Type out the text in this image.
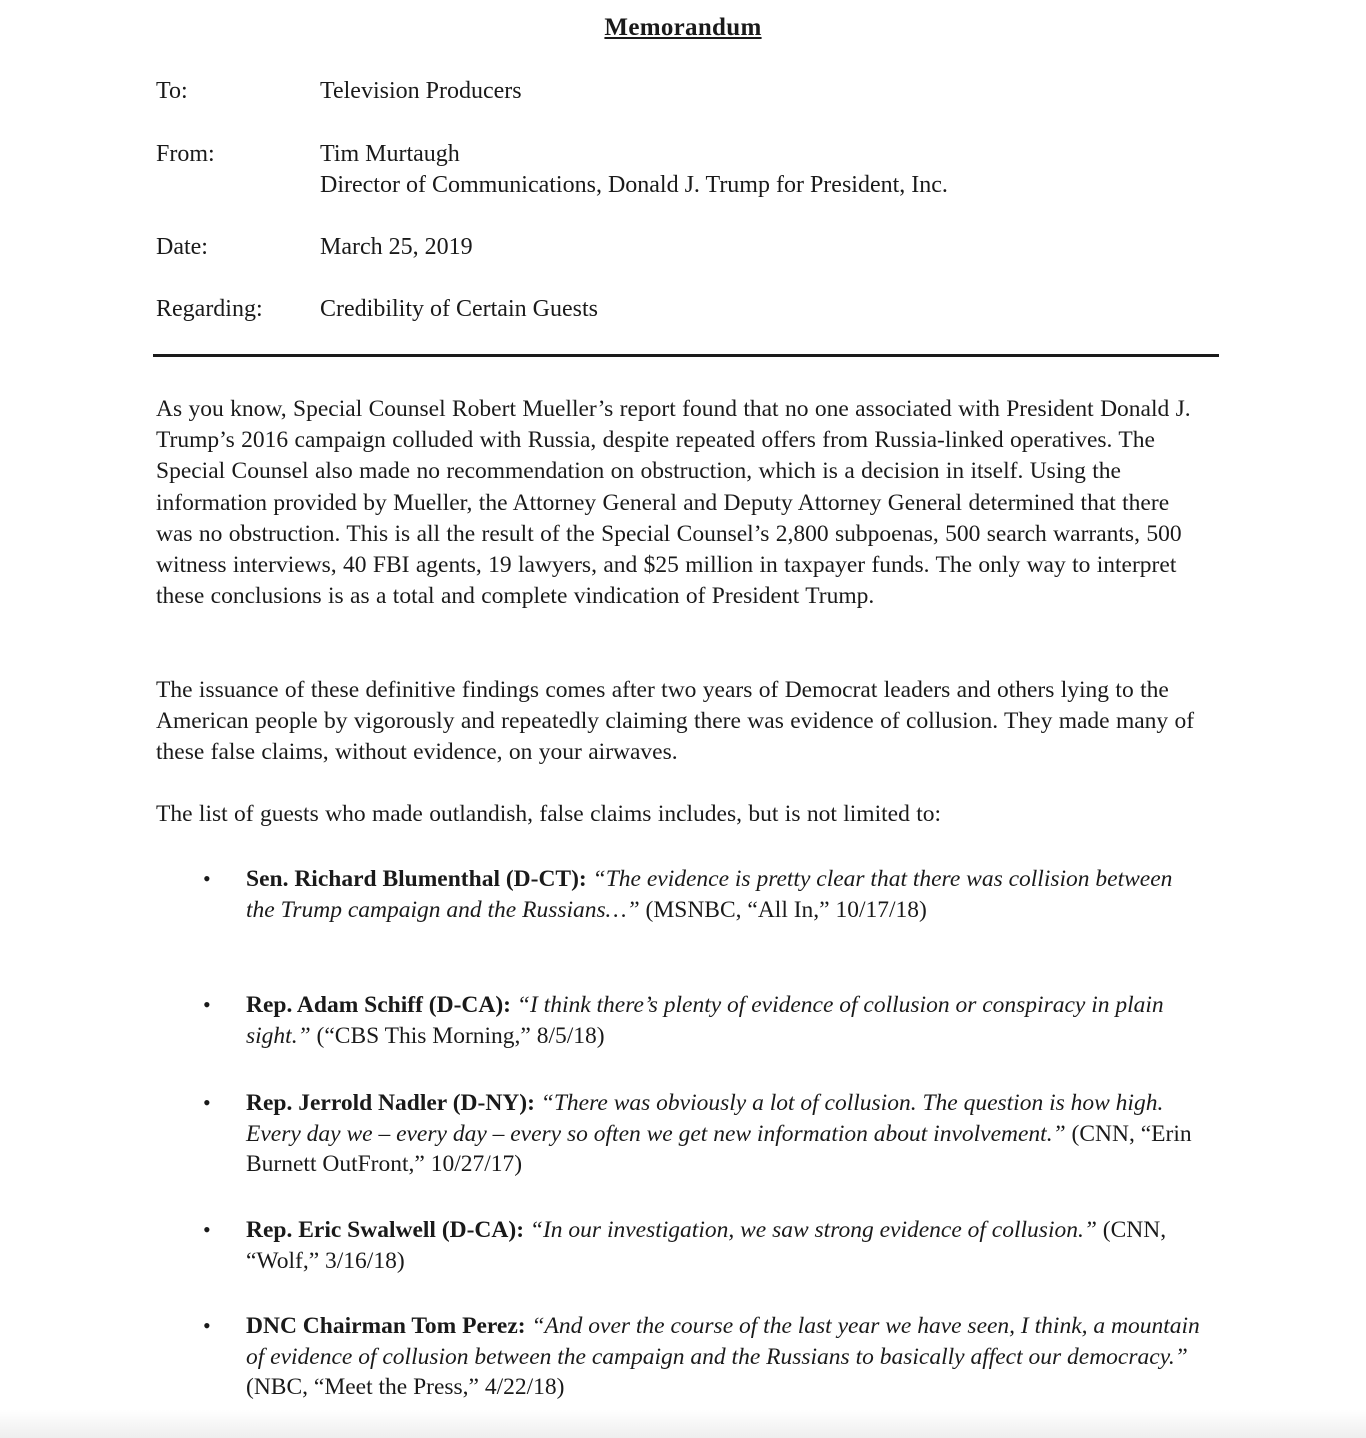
Memorandum
To:	Television Producers
From:	Tim Murtaugh
Director of Communications, Donald J. Trump for President, Inc.
Date:	March 25, 2019
Regarding:	Credibility of Certain Guests

As you know, Special Counsel Robert Mueller’s report found that no one associated with President Donald J. Trump’s 2016 campaign colluded with Russia, despite repeated offers from Russia-linked operatives. The Special Counsel also made no recommendation on obstruction, which is a decision in itself. Using the information provided by Mueller, the Attorney General and Deputy Attorney General determined that there was no obstruction. This is all the result of the Special Counsel’s 2,800 subpoenas, 500 search warrants, 500 witness interviews, 40 FBI agents, 19 lawyers, and $25 million in taxpayer funds. The only way to interpret these conclusions is as a total and complete vindication of President Trump.

The issuance of these definitive findings comes after two years of Democrat leaders and others lying to the American people by vigorously and repeatedly claiming there was evidence of collusion. They made many of these false claims, without evidence, on your airwaves.

The list of guests who made outlandish, false claims includes, but is not limited to:

•	Sen. Richard Blumenthal (D-CT): “The evidence is pretty clear that there was collision between the Trump campaign and the Russians…” (MSNBC, “All In,” 10/17/18)
•	Rep. Adam Schiff (D-CA): “I think there’s plenty of evidence of collusion or conspiracy in plain sight.” (“CBS This Morning,” 8/5/18)
•	Rep. Jerrold Nadler (D-NY): “There was obviously a lot of collusion. The question is how high. Every day we – every day – every so often we get new information about involvement.” (CNN, “Erin Burnett OutFront,” 10/27/17)
•	Rep. Eric Swalwell (D-CA): “In our investigation, we saw strong evidence of collusion.” (CNN, “Wolf,” 3/16/18)
•	DNC Chairman Tom Perez: “And over the course of the last year we have seen, I think, a mountain of evidence of collusion between the campaign and the Russians to basically affect our democracy.” (NBC, “Meet the Press,” 4/22/18)
